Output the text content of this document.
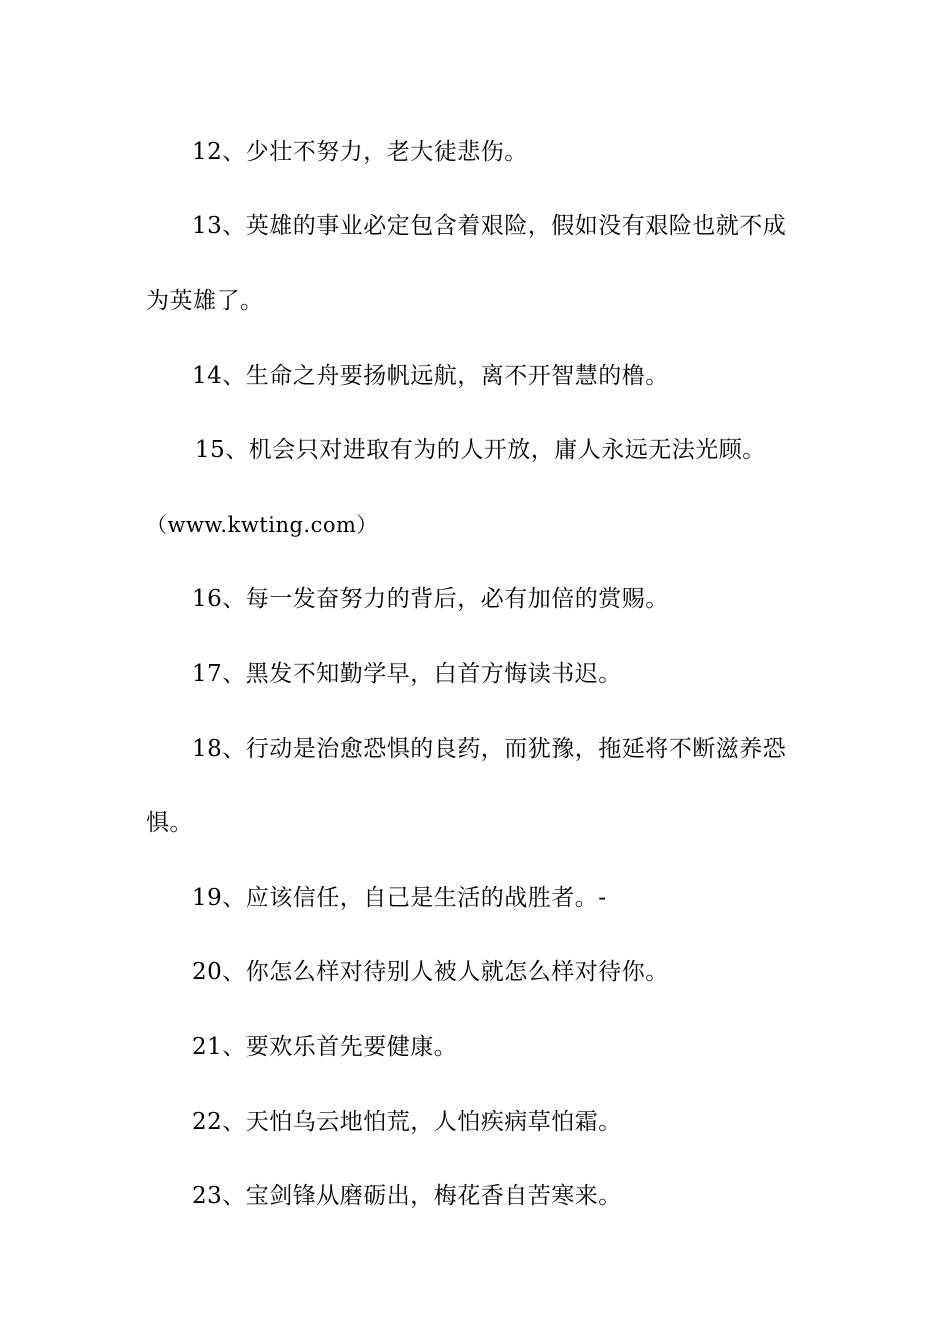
12、少壮不努力，老大徒悲伤。
13、英雄的事业必定包含着艰险，假如没有艰险也就不成
为英雄了。
14、生命之舟要扬帆远航，离不开智慧的橹。
15、机会只对进取有为的人开放，庸人永远无法光顾。
（www.kwting.com）
16、每一发奋努力的背后，必有加倍的赏赐。
17、黑发不知勤学早，白首方悔读书迟。
18、行动是治愈恐惧的良药，而犹豫，拖延将不断滋养恐
惧。
19、应该信任，自己是生活的战胜者。-
20、你怎么样对待别人被人就怎么样对待你。
21、要欢乐首先要健康。
22、天怕乌云地怕荒，人怕疾病草怕霜。
23、宝剑锋从磨砺出，梅花香自苦寒来。
